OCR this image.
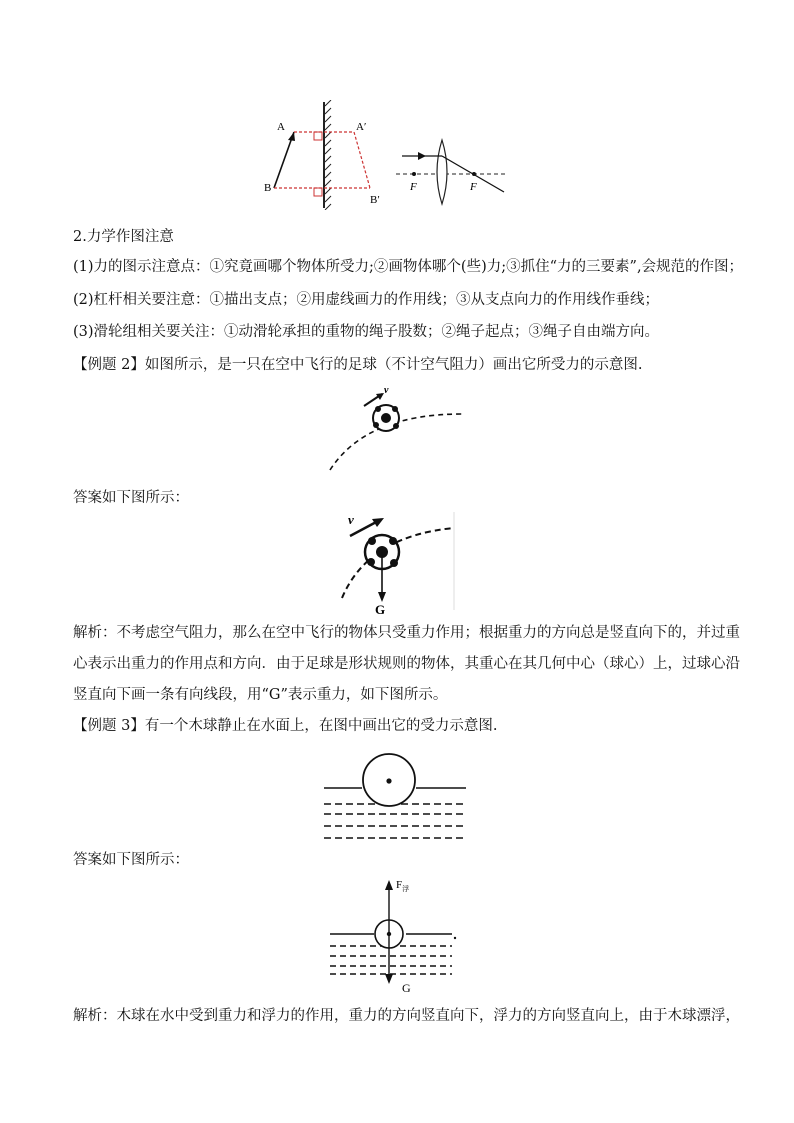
A
B
A′
B′
F	F
2.力学作图注意
(1)力的图示注意点：①究竟画哪个物体所受力;②画物体哪个(些)力;③抓住“力的三要素”,会规范的作图；
(2)杠杆相关要注意：①描出支点；②用虚线画力的作用线；③从支点向力的作用线作垂线；
(3)滑轮组相关要关注：①动滑轮承担的重物的绳子股数；②绳子起点；③绳子自由端方向。
【例题 2】如图所示，是一只在空中飞行的足球（不计空气阻力）画出它所受力的示意图.
v
答案如下图所示：
v
G
解析：不考虑空气阻力，那么在空中飞行的物体只受重力作用；根据重力的方向总是竖直向下的，并过重
心表示出重力的作用点和方向．由于足球是形状规则的物体，其重心在其几何中心（球心）上，过球心沿
竖直向下画一条有向线段，用“G”表示重力，如下图所示。
【例题 3】有一个木球静止在水面上，在图中画出它的受力示意图.
答案如下图所示：
$F_浮$
G
解析：木球在水中受到重力和浮力的作用，重力的方向竖直向下，浮力的方向竖直向上，由于木球漂浮，
